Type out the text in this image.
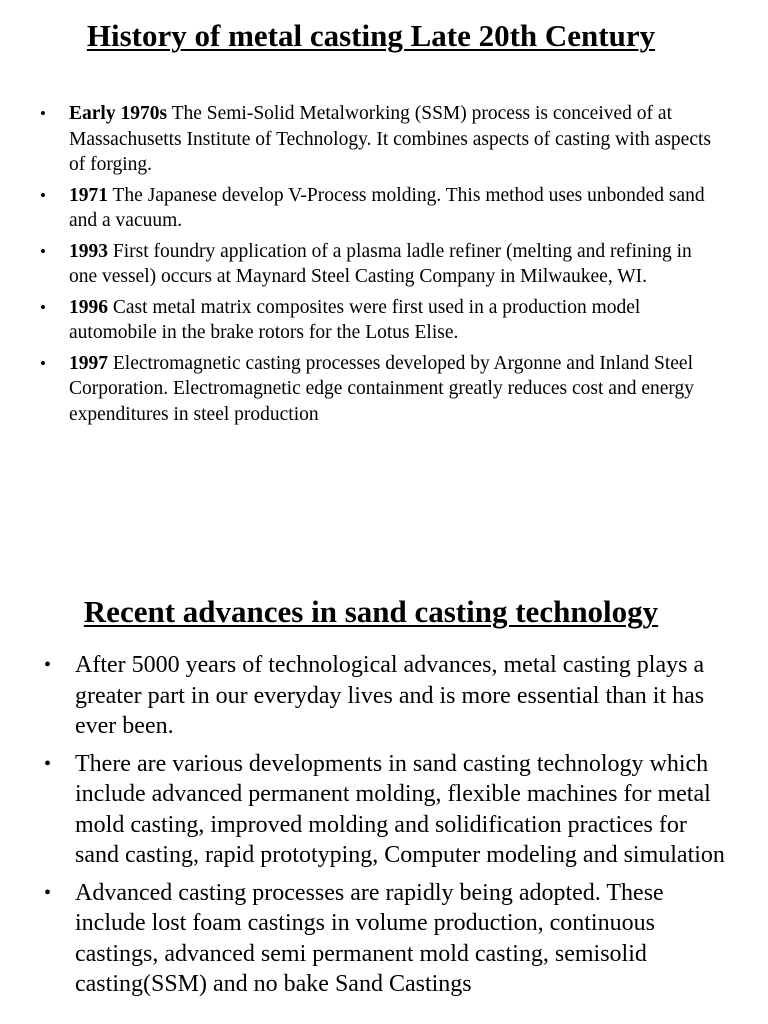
History of metal casting Late 20th Century
• Early 1970s The Semi-Solid Metalworking (SSM) process is conceived of at Massachusetts Institute of Technology. It combines aspects of casting with aspects of forging.
• 1971 The Japanese develop V-Process molding. This method uses unbonded sand and a vacuum.
• 1993 First foundry application of a plasma ladle refiner (melting and refining in one vessel) occurs at Maynard Steel Casting Company in Milwaukee, WI.
• 1996 Cast metal matrix composites were first used in a production model automobile in the brake rotors for the Lotus Elise.
• 1997 Electromagnetic casting processes developed by Argonne and Inland Steel Corporation. Electromagnetic edge containment greatly reduces cost and energy expenditures in steel production
Recent advances in sand casting technology
• After 5000 years of technological advances, metal casting plays a greater part in our everyday lives and is more essential than it has ever been.
• There are various developments in sand casting technology which include advanced permanent molding, flexible machines for metal mold casting, improved molding and solidification practices for sand casting, rapid prototyping, Computer modeling and simulation
• Advanced casting processes are rapidly being adopted. These include lost foam castings in volume production, continuous castings, advanced semi permanent mold casting, semisolid casting(SSM) and no bake Sand Castings
